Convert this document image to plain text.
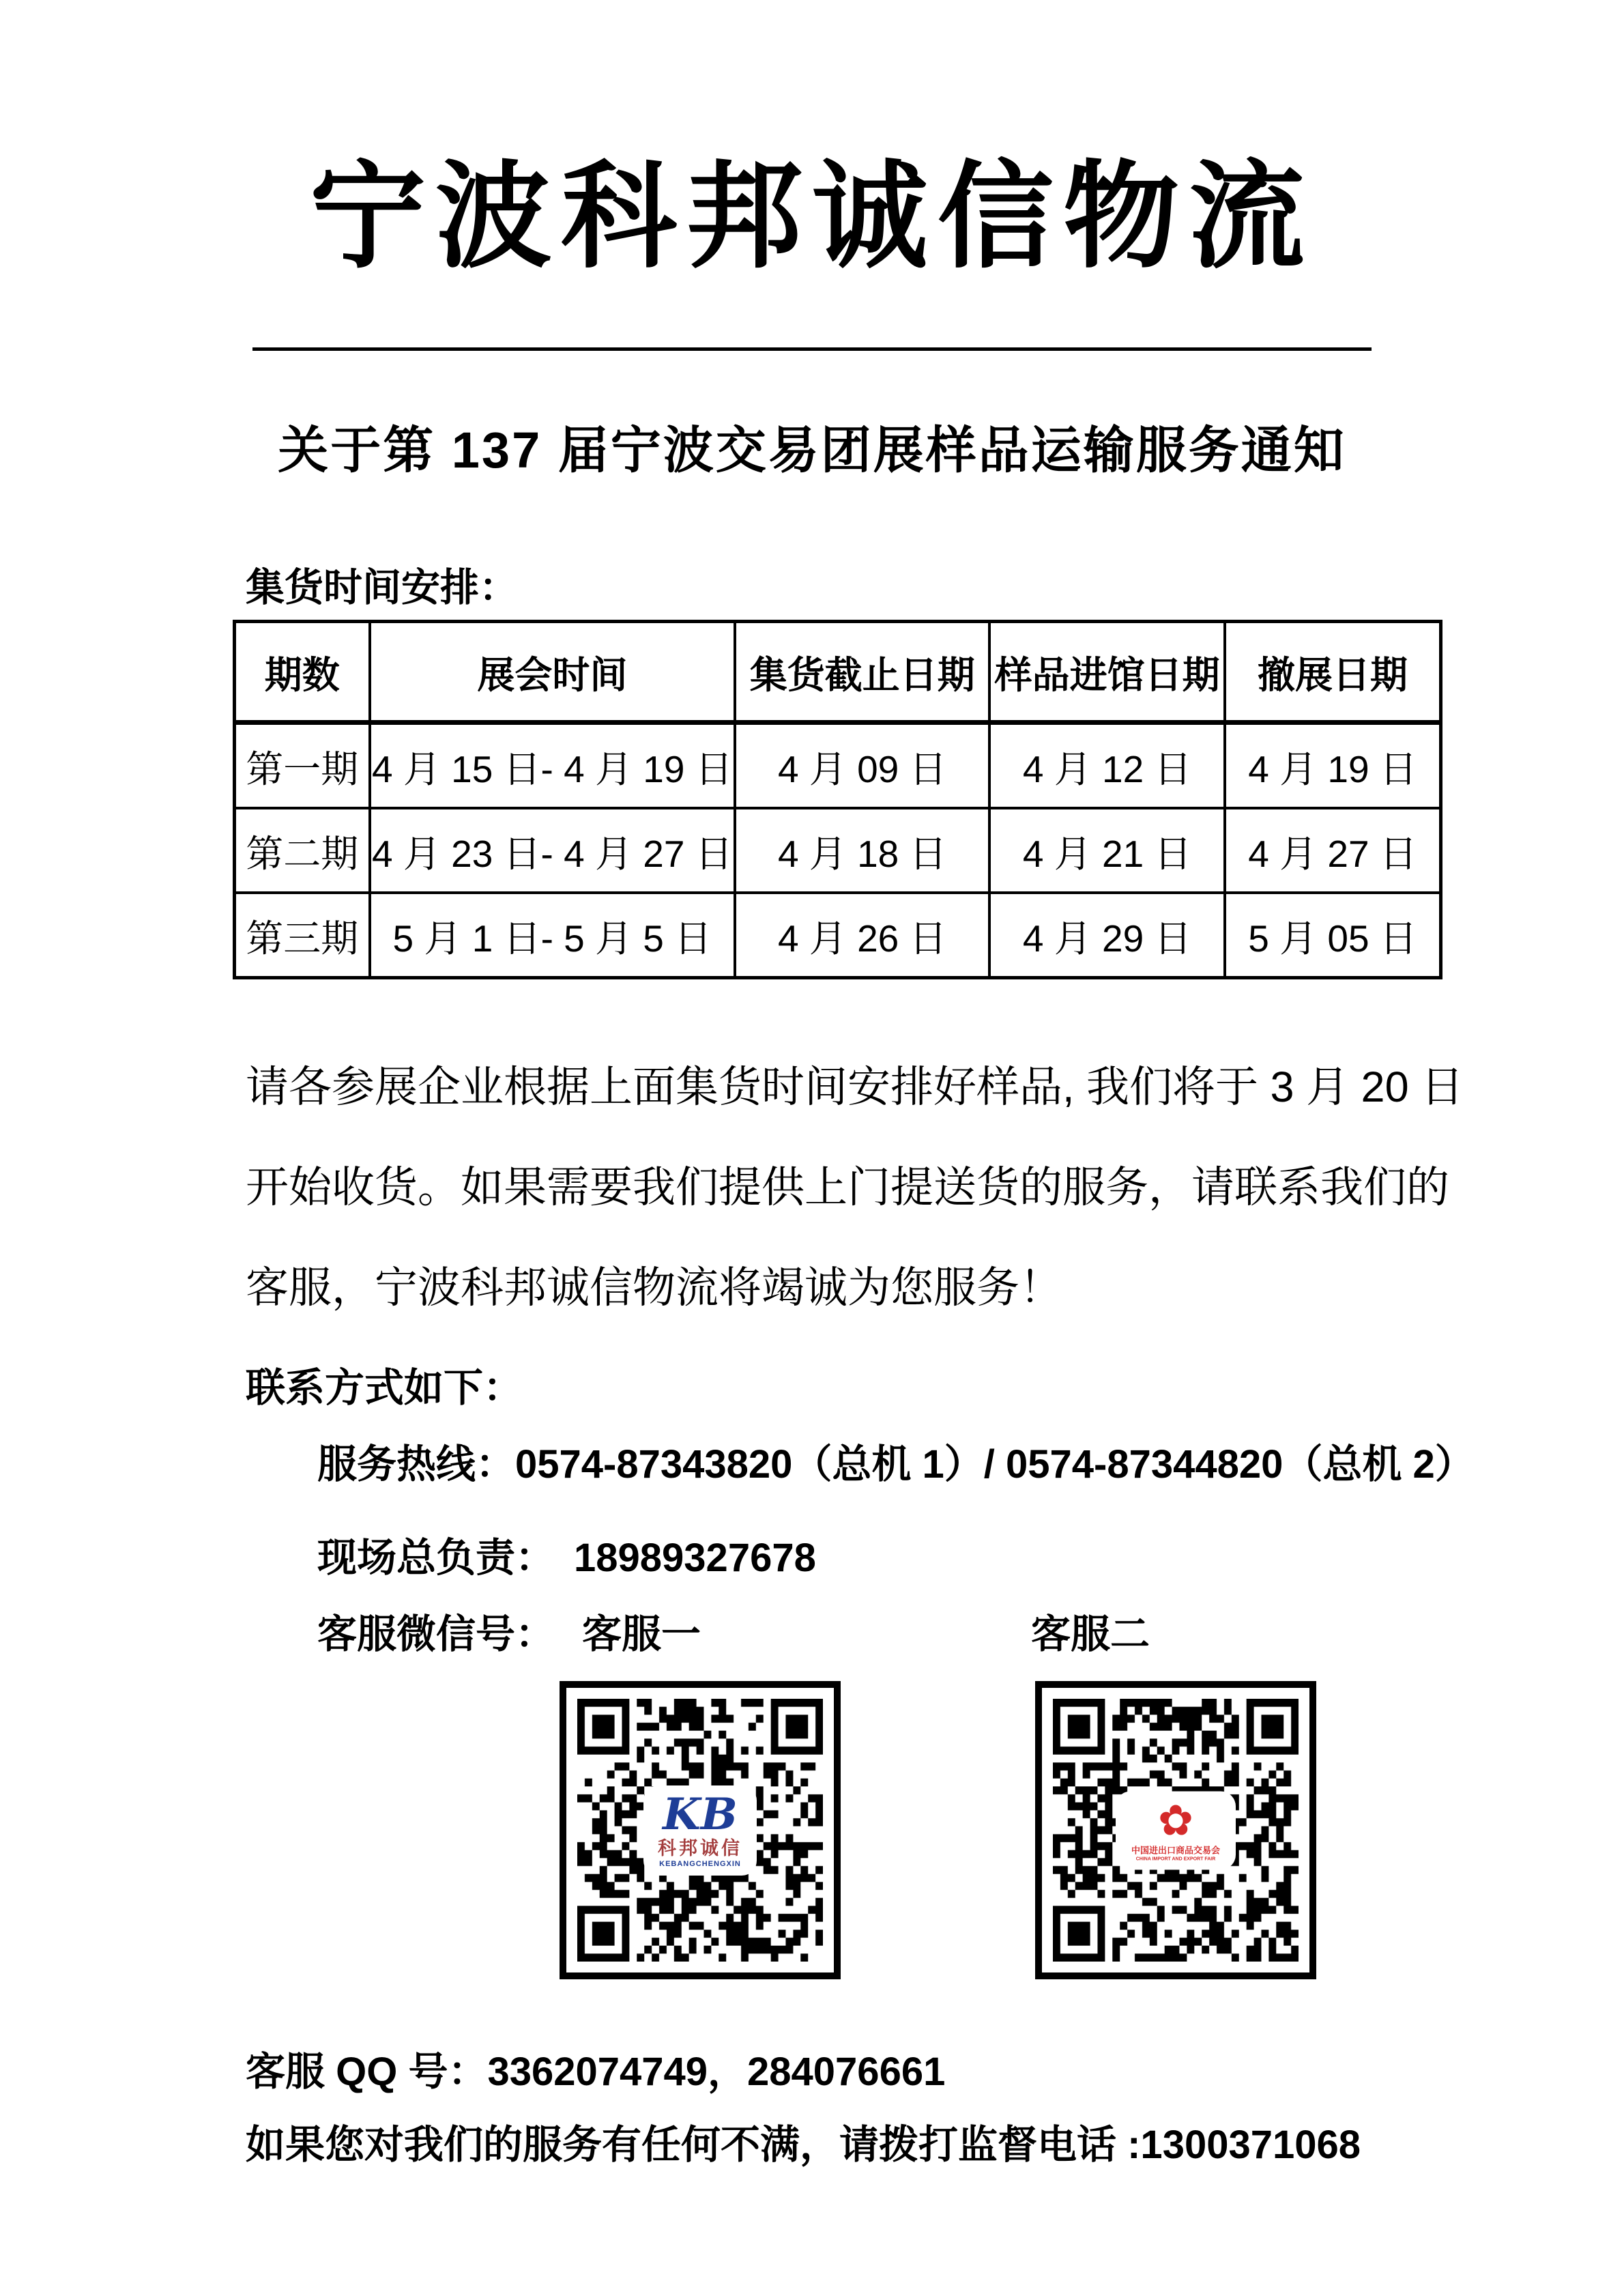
宁波科邦诚信物流
关于第 137 届宁波交易团展样品运输服务通知
集货时间安排：
期数	展会时间	集货截止日期	样品进馆日期	撤展日期
第一期	4 月 15 日- 4 月 19 日	4 月 09 日	4 月 12 日	4 月 19 日
第二期	4 月 23 日- 4 月 27 日	4 月 18 日	4 月 21 日	4 月 27 日
第三期	5 月 1 日- 5 月 5 日	4 月 26 日	4 月 29 日	5 月 05 日
请各参展企业根据上面集货时间安排好样品, 我们将于 3 月 20 日
开始收货。如果需要我们提供上门提送货的服务，请联系我们的
客服，宁波科邦诚信物流将竭诚为您服务！
联系方式如下：
服务热线：0574-87343820（总机 1）/ 0574-87344820（总机 2）
现场总负责： 18989327678
客服微信号： 客服一	客服二
KB
科邦诚信
KEBANGCHENGXIN
✿
中国进出口商品交易会
CHINA IMPORT AND EXPORT FAIR
客服 QQ 号：3362074749，284076661
如果您对我们的服务有任何不满，请拨打监督电话 :1300371068
